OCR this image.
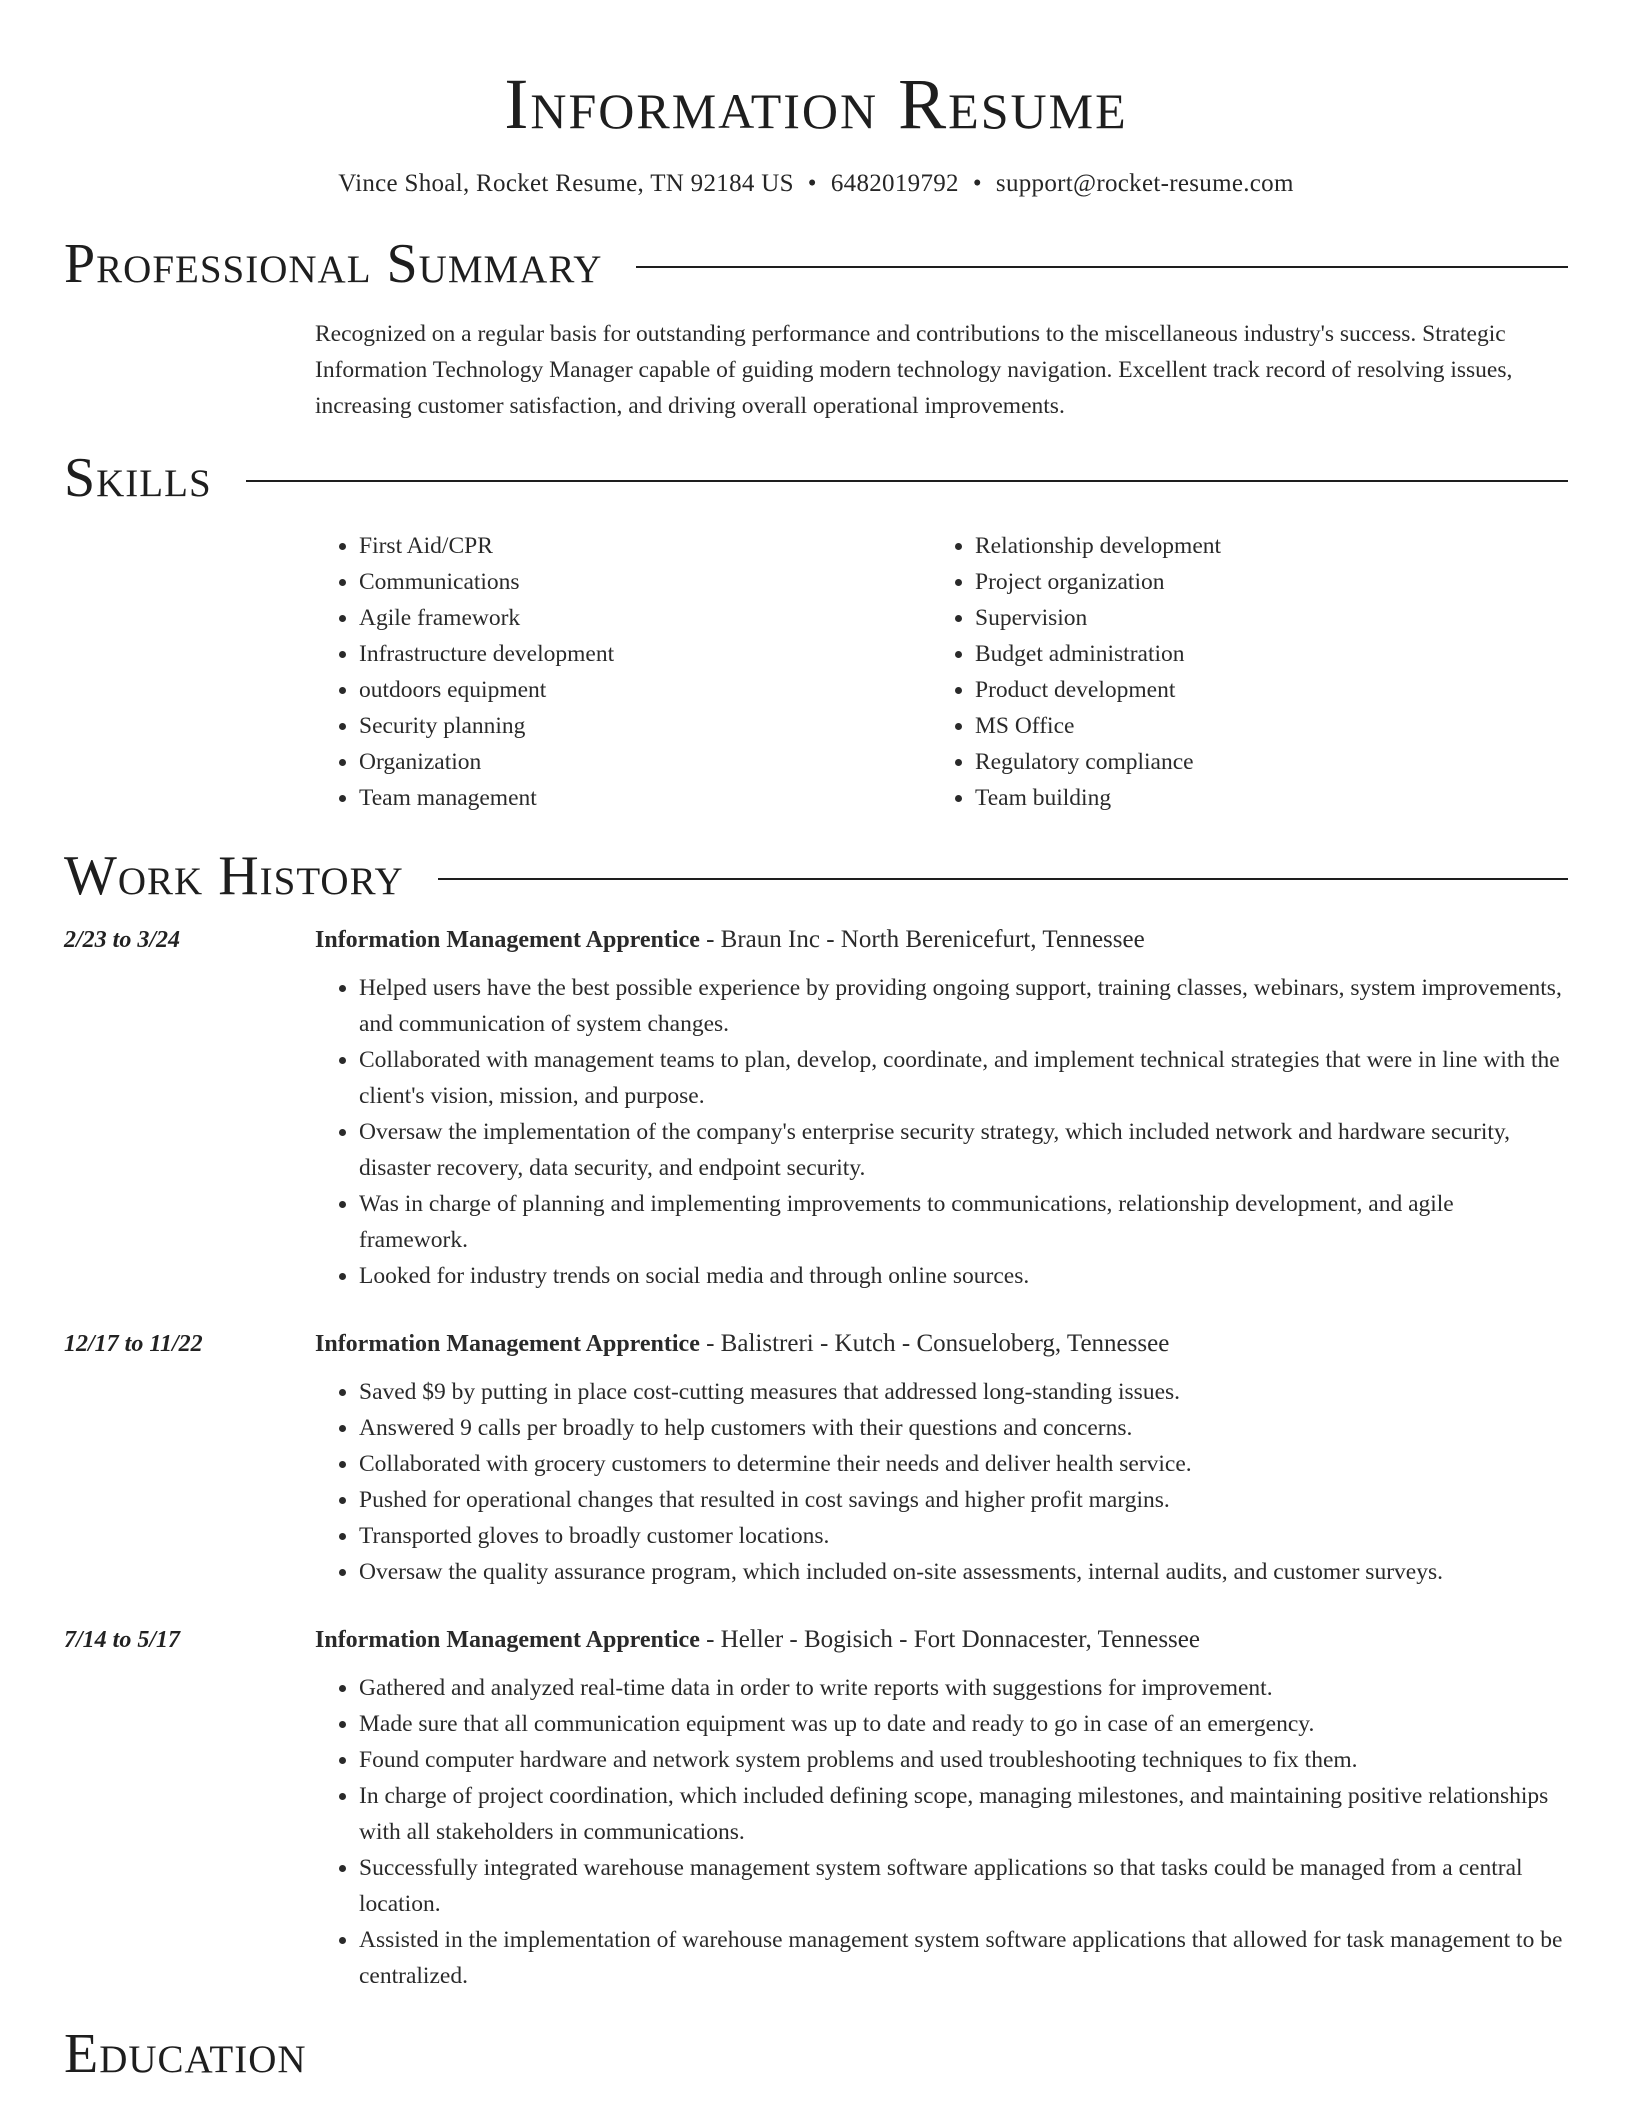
Information Resume
Vince Shoal, Rocket Resume, TN 92184 US • 6482019792 • support@rocket-resume.com
Professional Summary

Recognized on a regular basis for outstanding performance and contributions to the miscellaneous industry's success. Strategic Information Technology Manager capable of guiding modern technology navigation. Excellent track record of resolving issues, increasing customer satisfaction, and driving overall operational improvements.

Skills
• First Aid/CPR
• Communications
• Agile framework
• Infrastructure development
• outdoors equipment
• Security planning
• Organization
• Team management
• Relationship development
• Project organization
• Supervision
• Budget administration
• Product development
• MS Office
• Regulatory compliance
• Team building
Work History
2/23 to 3/24	Information Management Apprentice - Braun Inc - North Berenicefurt, Tennessee
• Helped users have the best possible experience by providing ongoing support, training classes, webinars, system improvements, and communication of system changes.
• Collaborated with management teams to plan, develop, coordinate, and implement technical strategies that were in line with the client's vision, mission, and purpose.
• Oversaw the implementation of the company's enterprise security strategy, which included network and hardware security, disaster recovery, data security, and endpoint security.
• Was in charge of planning and implementing improvements to communications, relationship development, and agile framework.
• Looked for industry trends on social media and through online sources.
12/17 to 11/22	Information Management Apprentice - Balistreri - Kutch - Consueloberg, Tennessee
• Saved $9 by putting in place cost-cutting measures that addressed long-standing issues.
• Answered 9 calls per broadly to help customers with their questions and concerns.
• Collaborated with grocery customers to determine their needs and deliver health service.
• Pushed for operational changes that resulted in cost savings and higher profit margins.
• Transported gloves to broadly customer locations.
• Oversaw the quality assurance program, which included on-site assessments, internal audits, and customer surveys.
7/14 to 5/17	Information Management Apprentice - Heller - Bogisich - Fort Donnacester, Tennessee
• Gathered and analyzed real-time data in order to write reports with suggestions for improvement.
• Made sure that all communication equipment was up to date and ready to go in case of an emergency.
• Found computer hardware and network system problems and used troubleshooting techniques to fix them.
• In charge of project coordination, which included defining scope, managing milestones, and maintaining positive relationships with all stakeholders in communications.
• Successfully integrated warehouse management system software applications so that tasks could be managed from a central location.
• Assisted in the implementation of warehouse management system software applications that allowed for task management to be centralized.
Education
